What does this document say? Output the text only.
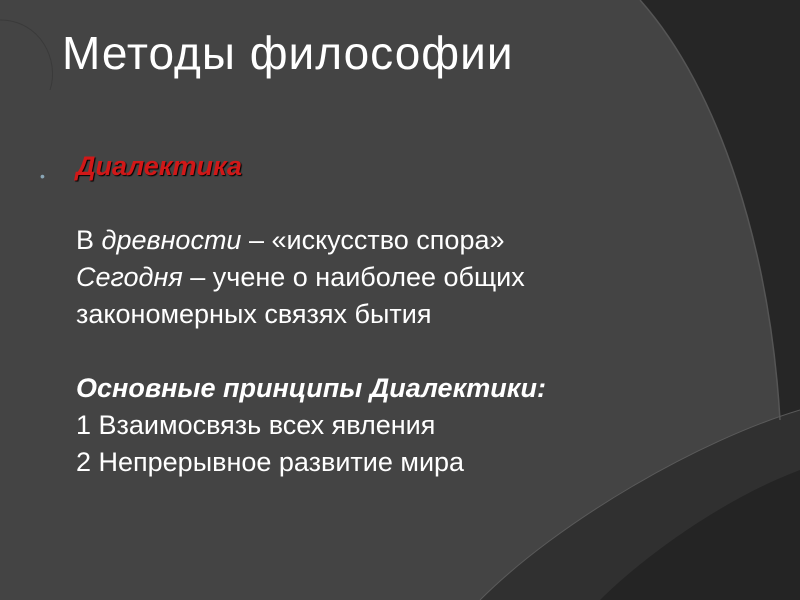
Методы философии
• Диалектика
В древности – «искусство спора»
Сегодня – учене о наиболее общих
закономерных связях бытия
Основные принципы Диалектики:
1 Взаимосвязь всех явления
2 Непрерывное развитие мира
